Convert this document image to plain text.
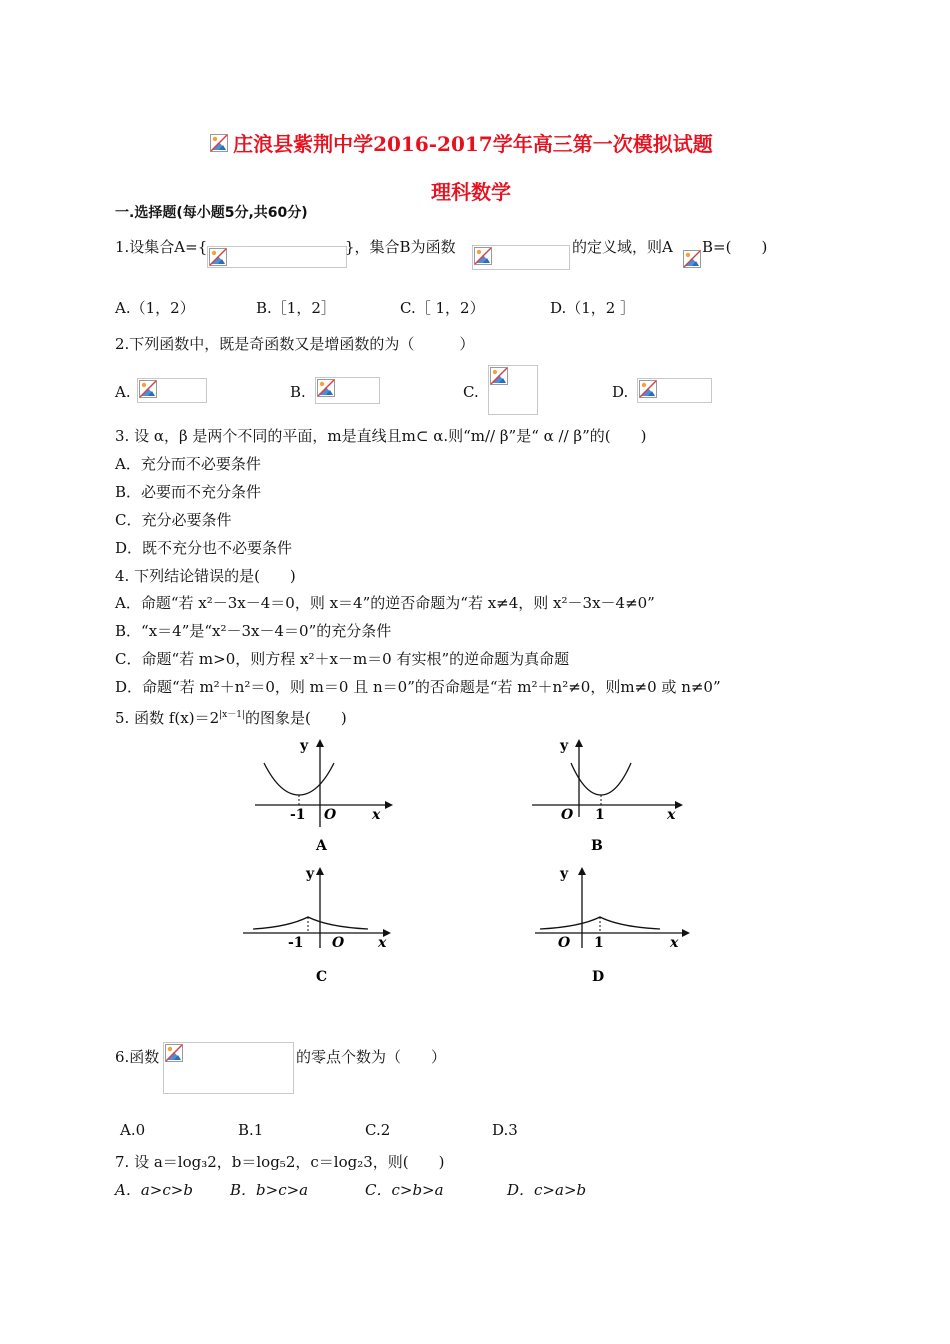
庄浪县紫荆中学2016-2017学年高三第一次模拟试题
理科数学
一.选择题(每小题5分,共60分)
1.设集合A={	}，集合B为函数	的定义域，则A B=(　　)
A.（1，2）	B.［1，2］	C.［ 1，2）	D.（1，2 ］
2.下列函数中，既是奇函数又是增函数的为（　　　）
A.	B.	C.	D.
3. 设 α，β 是两个不同的平面，m是直线且m⊂ α.则“m// β”是“ α // β”的(　　)
A．充分而不必要条件
B．必要而不充分条件
C．充分必要条件
D．既不充分也不必要条件
4. 下列结论错误的是(　　)
A．命题“若 x²－3x－4＝0，则 x＝4”的逆否命题为“若 x≠4，则 x²－3x－4≠0”
B．“x＝4”是“x²－3x－4＝0”的充分条件
C．命题“若 m>0，则方程 x²＋x－m＝0 有实根”的逆命题为真命题
D．命题“若 m²＋n²＝0，则 m＝0 且 n＝0”的否命题是“若 m²＋n²≠0，则m≠0 或 n≠0”
5. 函数 $f(x)=2^{|x-1|}$的图象是(　　)
y
-1 O	x
A
y
O 1	x
B
y
-1 O x
C
y
O 1	x
D
6.函数	的零点个数为（　　）
A.0	B.1	C.2	D.3
7. 设 a＝log₃2，b＝log₅2，c＝log₂3，则(　　)
A．a>c>b B．b>c>a	C．c>b>a	D．c>a>b
